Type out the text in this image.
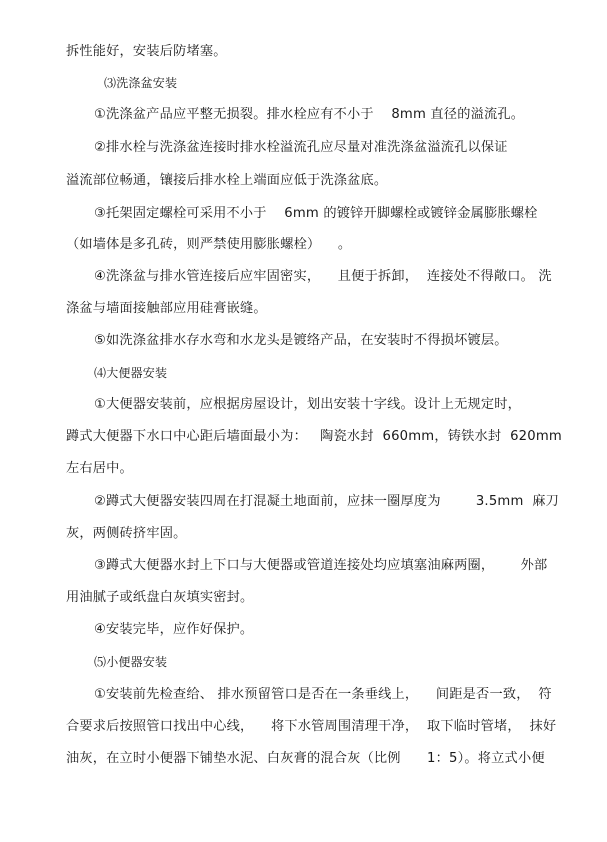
拆性能好，安装后防堵塞。
⑶洗涤盆安装
①洗涤盆产品应平整无损裂。排水栓应有不小于    8mm 直径的溢流孔。
②排水栓与洗涤盆连接时排水栓溢流孔应尽量对准洗涤盆溢流孔以保证
溢流部位畅通，镶接后排水栓上端面应低于洗涤盆底。
③托架固定螺栓可采用不小于    6mm 的镀锌开脚螺栓或镀锌金属膨胀螺栓
（如墙体是多孔砖，则严禁使用膨胀螺栓）    。
④洗涤盆与排水管连接后应牢固密实，    且便于拆卸，  连接处不得敞口。 洗
涤盆与墙面接触部应用硅膏嵌缝。
⑤如洗涤盆排水存水弯和水龙头是镀络产品，在安装时不得损坏镀层。
⑷大便器安装
①大便器安装前，应根据房屋设计，划出安装十字线。设计上无规定时，
蹲式大便器下水口中心距后墙面最小为：   陶瓷水封  660mm，铸铁水封  620mm
左右居中。
②蹲式大便器安装四周在打混凝土地面前，应抹一圈厚度为        3.5mm  麻刀
灰，两侧砖挤牢固。
③蹲式大便器水封上下口与大便器或管道连接处均应填塞油麻两圈，      外部
用油腻子或纸盘白灰填实密封。
④安装完毕，应作好保护。
⑸小便器安装
①安装前先检查给、 排水预留管口是否在一条垂线上，    间距是否一致，  符
合要求后按照管口找出中心线，    将下水管周围清理干净，  取下临时管堵，  抹好
油灰，在立时小便器下铺垫水泥、白灰膏的混合灰（比例      1：5）。将立式小便
